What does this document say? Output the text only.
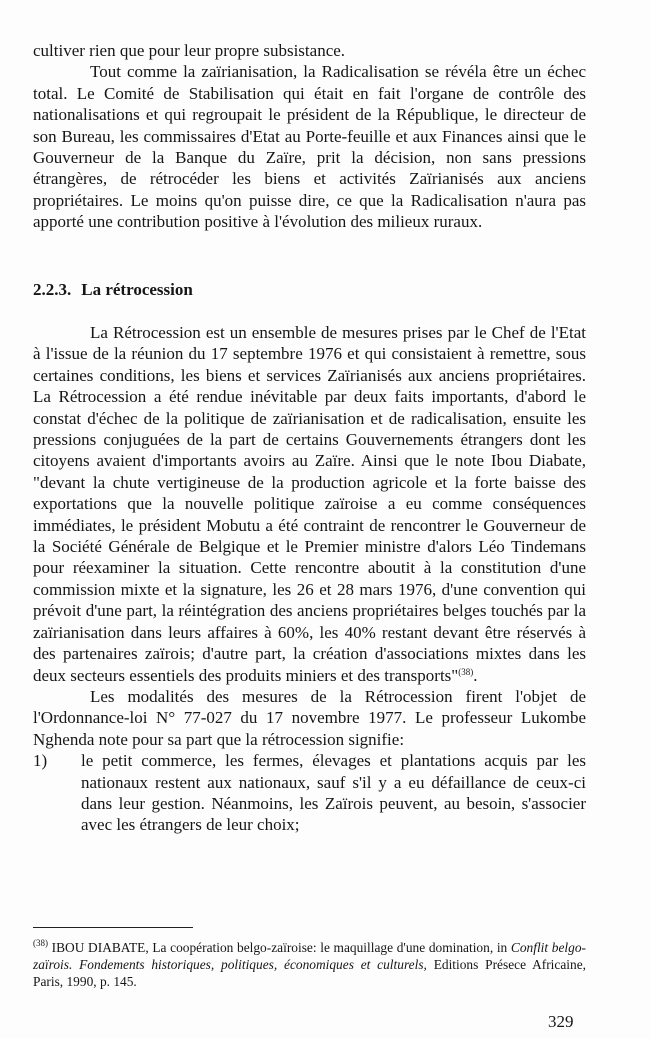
cultiver rien que pour leur propre subsistance.

Tout comme la zaïrianisation, la Radicalisation se révéla être un échec total. Le Comité de Stabilisation qui était en fait l'organe de contrôle des nationalisations et qui regroupait le président de la République, le directeur de son Bureau, les commissaires d'Etat au Porte-feuille et aux Finances ainsi que le Gouverneur de la Banque du Zaïre, prit la décision, non sans pressions étrangères, de rétrocéder les biens et activités Zaïrianisés aux anciens propriétaires. Le moins qu'on puisse dire, ce que la Radicalisation n'aura pas apporté une contribution positive à l'évolution des milieux ruraux.

2.2.3. La rétrocession

La Rétrocession est un ensemble de mesures prises par le Chef de l'Etat à l'issue de la réunion du 17 septembre 1976 et qui consistaient à remettre, sous certaines conditions, les biens et services Zaïrianisés aux anciens propriétaires. La Rétrocession a été rendue inévitable par deux faits importants, d'abord le constat d'échec de la politique de zaïrianisation et de radicalisation, ensuite les pressions conjuguées de la part de certains Gouvernements étrangers dont les citoyens avaient d'importants avoirs au Zaïre. Ainsi que le note Ibou Diabate, "devant la chute vertigineuse de la production agricole et la forte baisse des exportations que la nouvelle politique zaïroise a eu comme conséquences immédiates, le président Mobutu a été contraint de rencontrer le Gouverneur de la Société Générale de Belgique et le Premier ministre d'alors Léo Tindemans pour réexaminer la situation. Cette rencontre aboutit à la constitution d'une commission mixte et la signature, les 26 et 28 mars 1976, d'une convention qui prévoit d'une part, la réintégration des anciens propriétaires belges touchés par la zaïrianisation dans leurs affaires à 60%, les 40% restant devant être réservés à des partenaires zaïrois; d'autre part, la création d'associations mixtes dans les deux secteurs essentiels des produits miniers et des transports"$^{(38)}$.

Les modalités des mesures de la Rétrocession firent l'objet de l'Ordonnance-loi N° 77-027 du 17 novembre 1977. Le professeur Lukombe Nghenda note pour sa part que la rétrocession signifie:

1)	le petit commerce, les fermes, élevages et plantations acquis par les nationaux restent aux nationaux, sauf s'il y a eu défaillance de ceux-ci dans leur gestion. Néanmoins, les Zaïrois peuvent, au besoin, s'associer avec les étrangers de leur choix;

$^{(38)}$ IBOU DIABATE, La coopération belgo-zaïroise: le maquillage d'une domination, in Conflit belgo-zaïrois. Fondements historiques, politiques, économiques et culturels, Editions Présece Africaine, Paris, 1990, p. 145.

329
